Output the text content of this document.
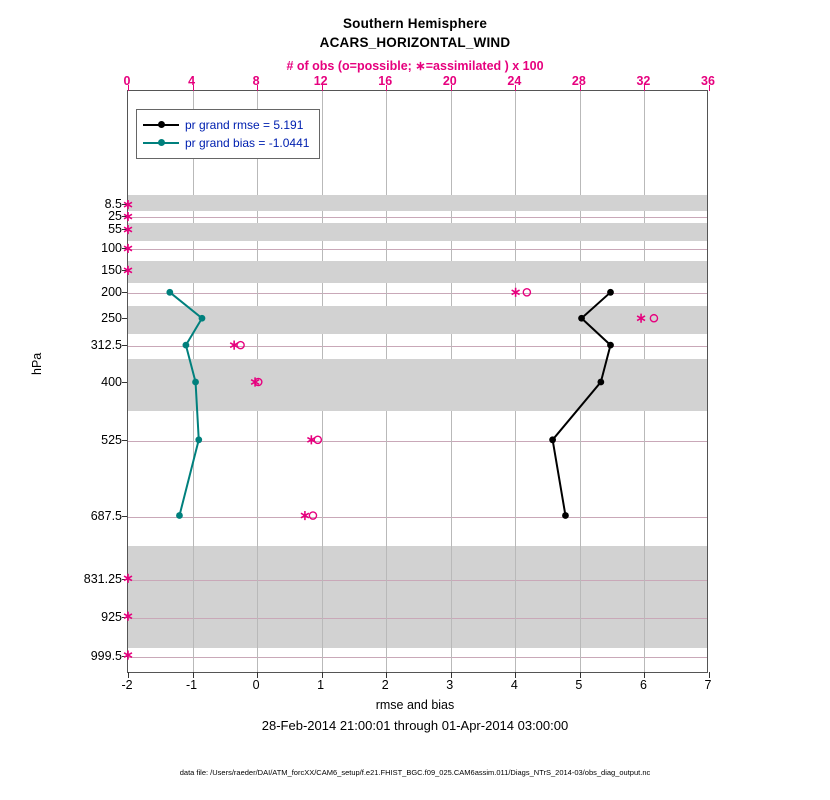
Southern Hemisphere
ACARS_HORIZONTAL_WIND
# of obs (o=possible; ∗=assimilated ) x 100
hPa
8.5
25
55
100
150
200
250
312.5
400
525
687.5
831.25
925
999.5
pr grand rmse = 5.191
pr grand bias = -1.0441
-2	-1	0	1	2	3	4	5	6	7
0	4	8	12	16	20	24	28	32	36
rmse and bias
28-Feb-2014 21:00:01 through 01-Apr-2014 03:00:00
data file: /Users/raeder/DAI/ATM_forcXX/CAM6_setup/f.e21.FHIST_BGC.f09_025.CAM6assim.011/Diags_NTrS_2014-03/obs_diag_output.nc
